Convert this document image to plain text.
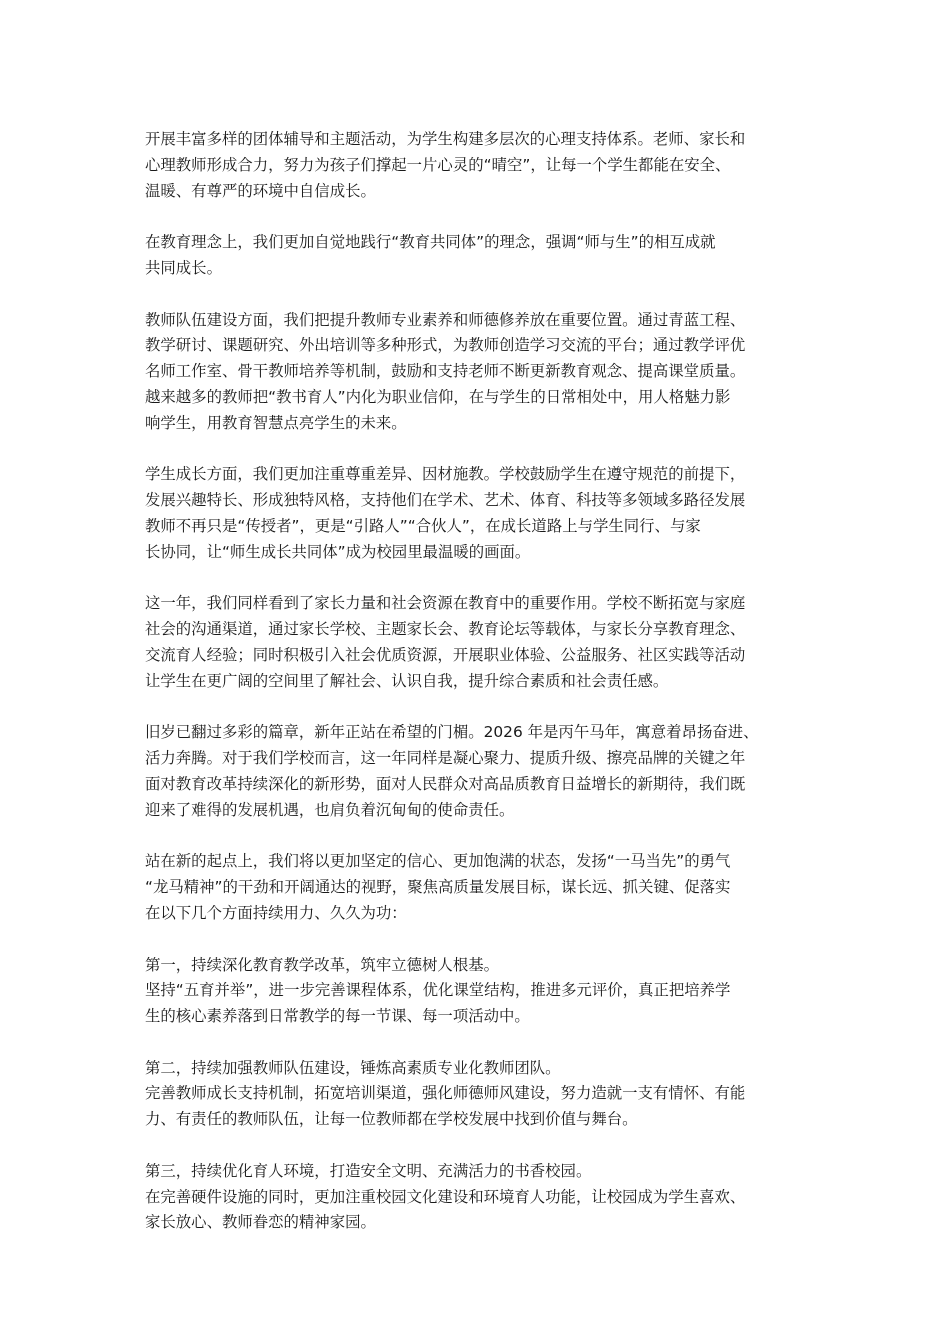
开展丰富多样的团体辅导和主题活动，为学生构建多层次的心理支持体系。老师、家长和
心理教师形成合力，努力为孩子们撑起一片心灵的“晴空”，让每一个学生都能在安全、
温暖、有尊严的环境中自信成长。
在教育理念上，我们更加自觉地践行“教育共同体”的理念，强调“师与生”的相互成就
共同成长。
教师队伍建设方面，我们把提升教师专业素养和师德修养放在重要位置。通过青蓝工程、
教学研讨、课题研究、外出培训等多种形式，为教师创造学习交流的平台；通过教学评优
名师工作室、骨干教师培养等机制，鼓励和支持老师不断更新教育观念、提高课堂质量。
越来越多的教师把“教书育人”内化为职业信仰，在与学生的日常相处中，用人格魅力影
响学生，用教育智慧点亮学生的未来。
学生成长方面，我们更加注重尊重差异、因材施教。学校鼓励学生在遵守规范的前提下，
发展兴趣特长、形成独特风格，支持他们在学术、艺术、体育、科技等多领域多路径发展
教师不再只是“传授者”，更是“引路人”“合伙人”，在成长道路上与学生同行、与家
长协同，让“师生成长共同体”成为校园里最温暖的画面。
这一年，我们同样看到了家长力量和社会资源在教育中的重要作用。学校不断拓宽与家庭
社会的沟通渠道，通过家长学校、主题家长会、教育论坛等载体，与家长分享教育理念、
交流育人经验；同时积极引入社会优质资源，开展职业体验、公益服务、社区实践等活动
让学生在更广阔的空间里了解社会、认识自我，提升综合素质和社会责任感。
旧岁已翻过多彩的篇章，新年正站在希望的门楣。2026 年是丙午马年，寓意着昂扬奋进、
活力奔腾。对于我们学校而言，这一年同样是凝心聚力、提质升级、擦亮品牌的关键之年
面对教育改革持续深化的新形势，面对人民群众对高品质教育日益增长的新期待，我们既
迎来了难得的发展机遇，也肩负着沉甸甸的使命责任。
站在新的起点上，我们将以更加坚定的信心、更加饱满的状态，发扬“一马当先”的勇气
“龙马精神”的干劲和开阔通达的视野，聚焦高质量发展目标，谋长远、抓关键、促落实
在以下几个方面持续用力、久久为功：
第一，持续深化教育教学改革，筑牢立德树人根基。
坚持“五育并举”，进一步完善课程体系，优化课堂结构，推进多元评价，真正把培养学
生的核心素养落到日常教学的每一节课、每一项活动中。
第二，持续加强教师队伍建设，锤炼高素质专业化教师团队。
完善教师成长支持机制，拓宽培训渠道，强化师德师风建设，努力造就一支有情怀、有能
力、有责任的教师队伍，让每一位教师都在学校发展中找到价值与舞台。
第三，持续优化育人环境，打造安全文明、充满活力的书香校园。
在完善硬件设施的同时，更加注重校园文化建设和环境育人功能，让校园成为学生喜欢、
家长放心、教师眷恋的精神家园。
